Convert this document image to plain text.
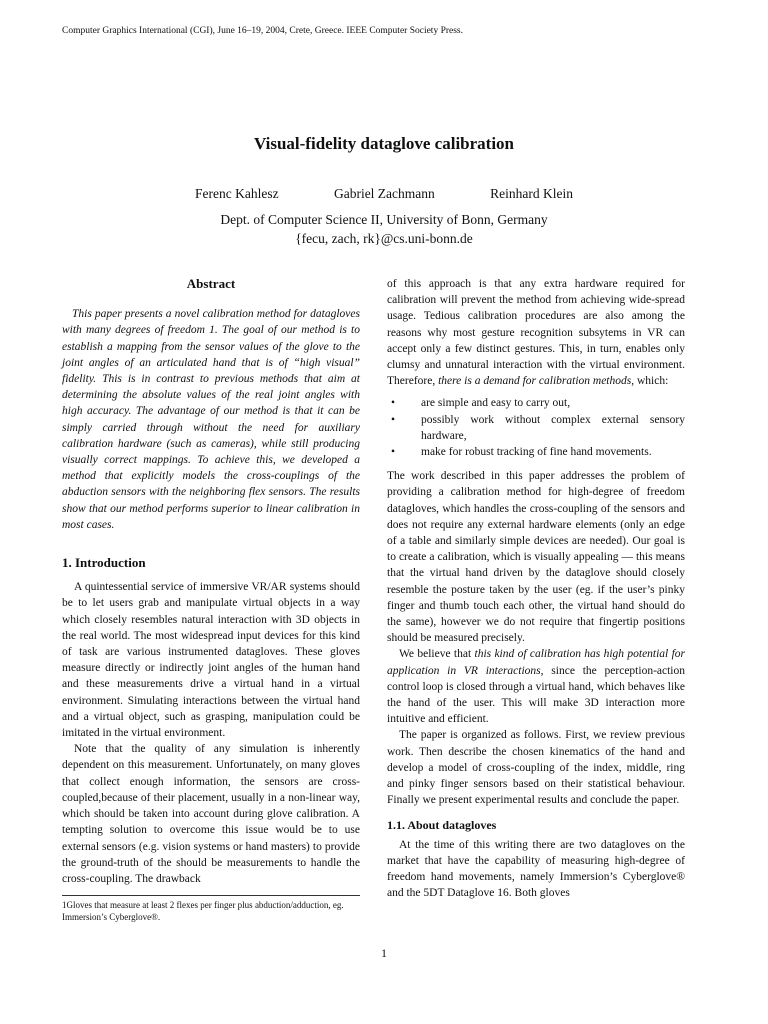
Computer Graphics International (CGI), June 16–19, 2004, Crete, Greece. IEEE Computer Society Press.
Visual-fidelity dataglove calibration
Ferenc Kahlesz	Gabriel Zachmann	Reinhard Klein
Dept. of Computer Science II, University of Bonn, Germany
{fecu, zach, rk}@cs.uni-bonn.de
Abstract

This paper presents a novel calibration method for datagloves with many degrees of freedom 1. The goal of our method is to establish a mapping from the sensor values of the glove to the joint angles of an articulated hand that is of “high visual” fidelity. This is in contrast to previous methods that aim at determining the absolute values of the real joint angles with high accuracy. The advantage of our method is that it can be simply carried through without the need for auxiliary calibration hardware (such as cameras), while still producing visually correct mappings. To achieve this, we developed a method that explicitly models the cross-couplings of the abduction sensors with the neighboring flex sensors. The results show that our method performs superior to linear calibration in most cases.

1. Introduction

A quintessential service of immersive VR/AR systems should be to let users grab and manipulate virtual objects in a way which closely resembles natural interaction with 3D objects in the real world. The most widespread input devices for this kind of task are various instrumented datagloves. These gloves measure directly or indirectly joint angles of the human hand and these measurements drive a virtual hand in a virtual environment. Simulating interactions between the virtual hand and a virtual object, such as grasping, manipulation could be imitated in the virtual environment.

Note that the quality of any simulation is inherently dependent on this measurement. Unfortunately, on many gloves that collect enough information, the sensors are cross-coupled,because of their placement, usually in a non-linear way, which should be taken into account during glove calibration. A tempting solution to overcome this issue would be to use external sensors (e.g. vision systems or hand masters) to provide the ground-truth of the should be measurements to handle the cross-coupling. The drawback

of this approach is that any extra hardware required for calibration will prevent the method from achieving wide-spread usage. Tedious calibration procedures are also among the reasons why most gesture recognition subsytems in VR can accept only a few distinct gestures. This, in turn, enables only clumsy and unnatural interaction with the virtual environment. Therefore, there is a demand for calibration methods, which:

• are simple and easy to carry out,
• possibly work without complex external sensory hardware,
• make for robust tracking of fine hand movements.

The work described in this paper addresses the problem of providing a calibration method for high-degree of freedom datagloves, which handles the cross-coupling of the sensors and does not require any external hardware elements (only an edge of a table and similarly simple devices are needed). Our goal is to create a calibration, which is visually appealing — this means that the virtual hand driven by the dataglove should closely resemble the posture taken by the user (eg. if the user’s pinky finger and thumb touch each other, the virtual hand should do the same), however we do not require that fingertip positions should be measured precisely.

We believe that this kind of calibration has high potential for application in VR interactions, since the perception-action control loop is closed through a virtual hand, which behaves like the hand of the user. This will make 3D interaction more intuitive and efficient.

The paper is organized as follows. First, we review previous work. Then describe the chosen kinematics of the hand and develop a model of cross-coupling of the index, middle, ring and pinky finger sensors based on their statistical behaviour. Finally we present experimental results and conclude the paper.

1.1. About datagloves

At the time of this writing there are two datagloves on the market that have the capability of measuring high-degree of freedom hand movements, namely Immersion’s Cyberglove® and the 5DT Dataglove 16. Both gloves

1Gloves that measure at least 2 flexes per finger plus abduction/adduction, eg. Immersion’s Cyberglove®.
1
